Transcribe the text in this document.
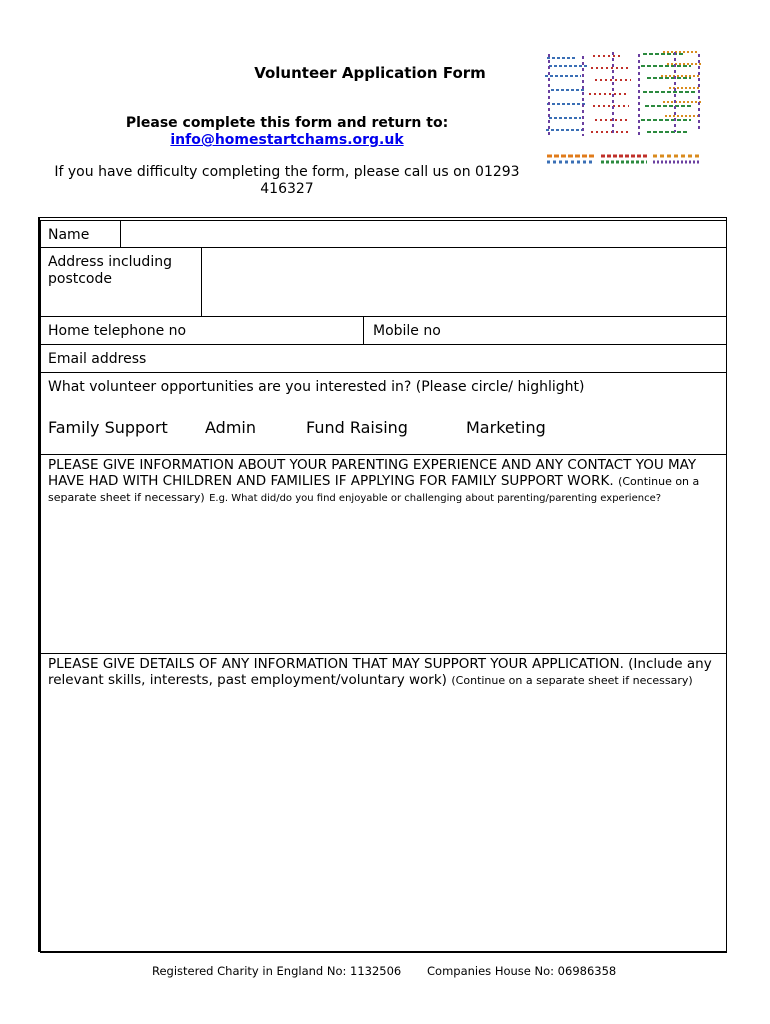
Volunteer Application Form
Please complete this form and return to:
info@homestartchams.org.uk
If you have difficulty completing the form, please call us on 01293 416327
Name
Address including postcode
Home telephone no	Mobile no
Email address
What volunteer opportunities are you interested in? (Please circle/ highlight)
Family Support Admin	Fund Raising	Marketing
PLEASE GIVE INFORMATION ABOUT YOUR PARENTING EXPERIENCE AND ANY CONTACT YOU MAY HAVE HAD WITH CHILDREN AND FAMILIES IF APPLYING FOR FAMILY SUPPORT WORK. (Continue on a separate sheet if necessary) E.g. What did/do you find enjoyable or challenging about parenting/parenting experience?
PLEASE GIVE DETAILS OF ANY INFORMATION THAT MAY SUPPORT YOUR APPLICATION. (Include any relevant skills, interests, past employment/voluntary work) (Continue on a separate sheet if necessary)
Registered Charity in England No: 1132506 Companies House No: 06986358
